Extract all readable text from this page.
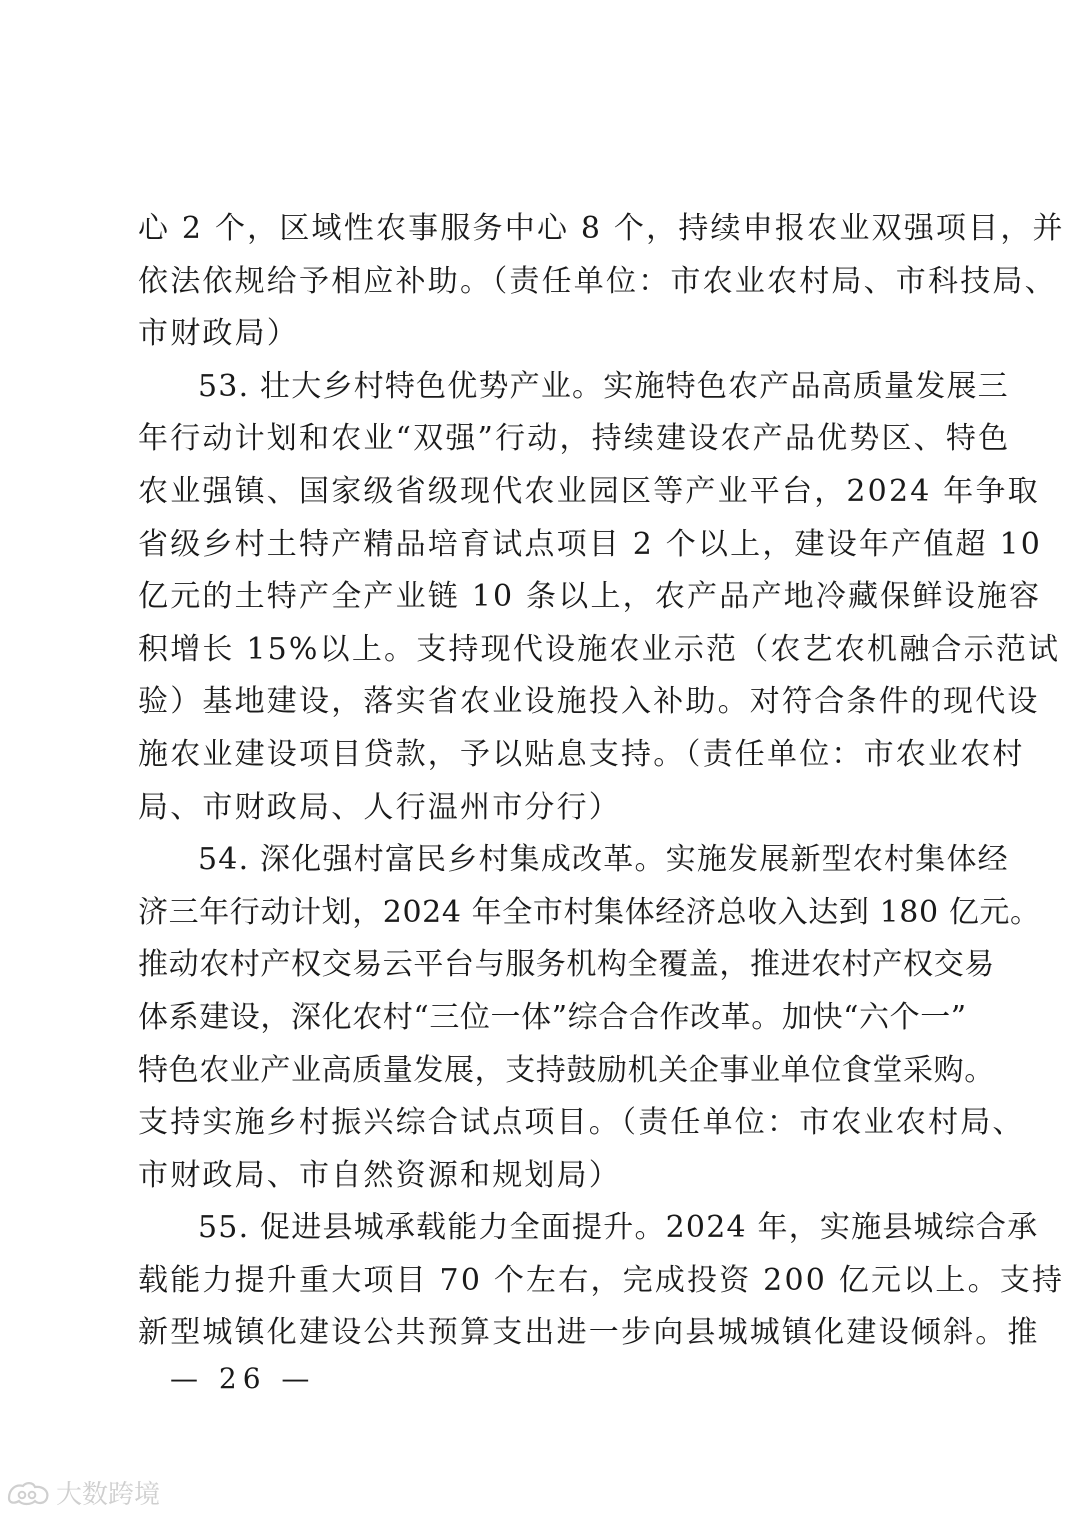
心 2 个，区域性农事服务中心 8 个，持续申报农业双强项目，并
依法依规给予相应补助。（责任单位：市农业农村局、市科技局、
市财政局）
53. 壮大乡村特色优势产业。实施特色农产品高质量发展三
年行动计划和农业“双强”行动，持续建设农产品优势区、特色
农业强镇、国家级省级现代农业园区等产业平台，2024 年争取
省级乡村土特产精品培育试点项目 2 个以上，建设年产值超 10
亿元的土特产全产业链 10 条以上，农产品产地冷藏保鲜设施容
积增长 15%以上。支持现代设施农业示范（农艺农机融合示范试
验）基地建设，落实省农业设施投入补助。对符合条件的现代设
施农业建设项目贷款，予以贴息支持。（责任单位：市农业农村
局、市财政局、人行温州市分行）
54. 深化强村富民乡村集成改革。实施发展新型农村集体经
济三年行动计划，2024 年全市村集体经济总收入达到 180 亿元。
推动农村产权交易云平台与服务机构全覆盖，推进农村产权交易
体系建设，深化农村“三位一体”综合合作改革。加快“六个一”
特色农业产业高质量发展，支持鼓励机关企事业单位食堂采购。
支持实施乡村振兴综合试点项目。（责任单位：市农业农村局、
市财政局、市自然资源和规划局）
55. 促进县城承载能力全面提升。2024 年，实施县城综合承
载能力提升重大项目 70 个左右，完成投资 200 亿元以上。支持
新型城镇化建设公共预算支出进一步向县城城镇化建设倾斜。推
— 26 —
大数跨境
